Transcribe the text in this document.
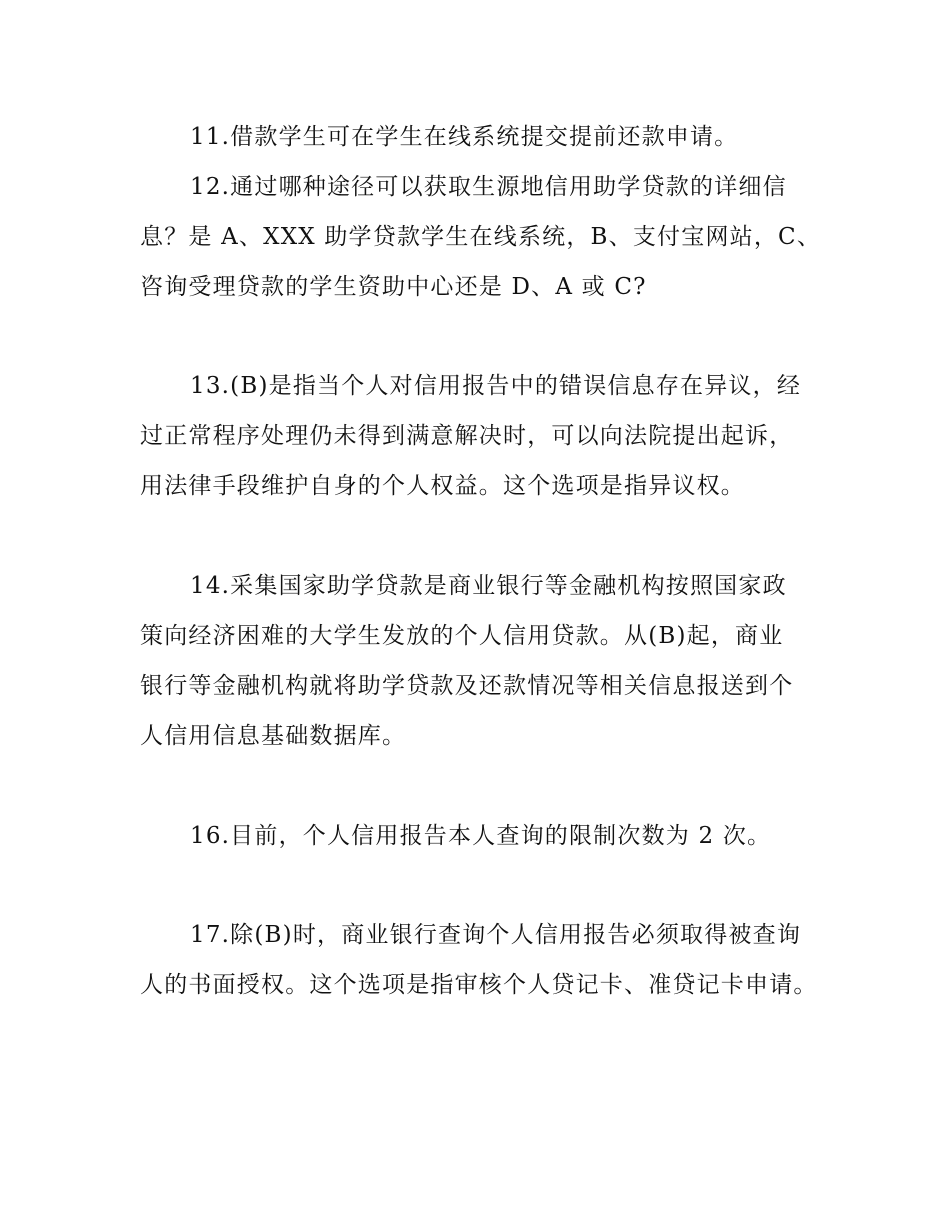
11.借款学生可在学生在线系统提交提前还款申请。
12.通过哪种途径可以获取生源地信用助学贷款的详细信
息？是 A、XXX 助学贷款学生在线系统，B、支付宝网站，C、
咨询受理贷款的学生资助中心还是 D、A 或 C?
13.(B)是指当个人对信用报告中的错误信息存在异议，经
过正常程序处理仍未得到满意解决时，可以向法院提出起诉，
用法律手段维护自身的个人权益。这个选项是指异议权。
14.采集国家助学贷款是商业银行等金融机构按照国家政
策向经济困难的大学生发放的个人信用贷款。从(B)起，商业
银行等金融机构就将助学贷款及还款情况等相关信息报送到个
人信用信息基础数据库。
16.目前，个人信用报告本人查询的限制次数为 2 次。
17.除(B)时，商业银行查询个人信用报告必须取得被查询
人的书面授权。这个选项是指审核个人贷记卡、准贷记卡申请。
